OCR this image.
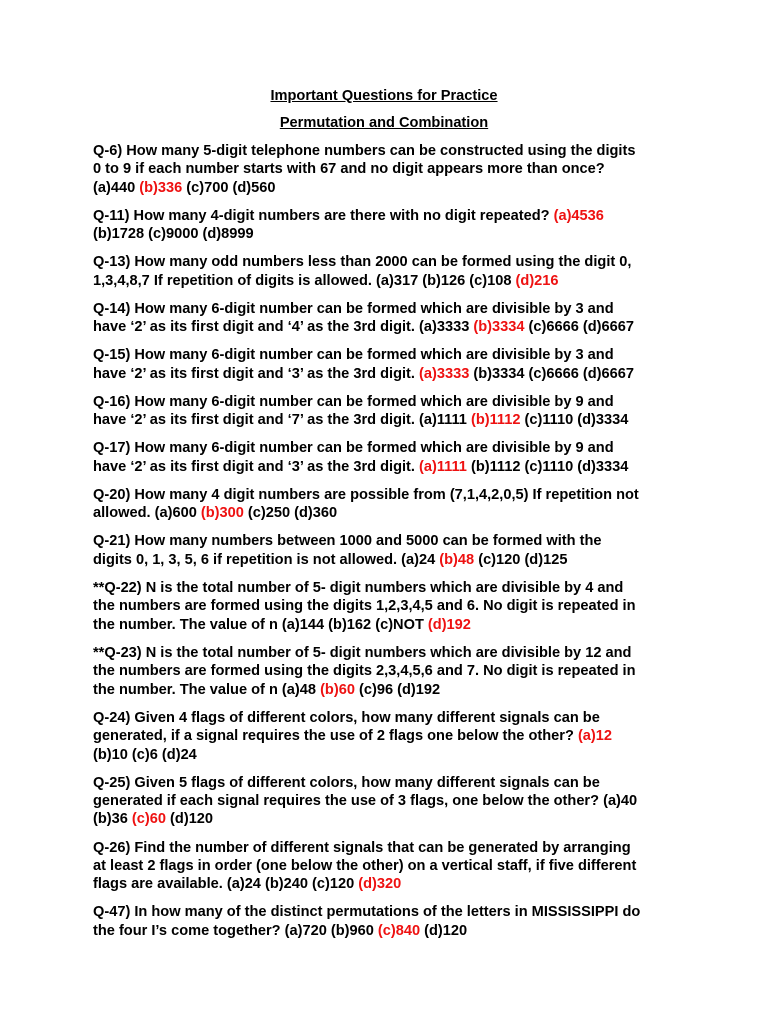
Important Questions for Practice
Permutation and Combination
Q-6) How many 5-digit telephone numbers can be constructed using the digits
0 to 9 if each number starts with 67 and no digit appears more than once?
(a)440 (b)336 (c)700 (d)560
Q-11) How many 4-digit numbers are there with no digit repeated? (a)4536
(b)1728 (c)9000 (d)8999
Q-13) How many odd numbers less than 2000 can be formed using the digit 0,
1,3,4,8,7 If repetition of digits is allowed. (a)317 (b)126 (c)108 (d)216
Q-14) How many 6-digit number can be formed which are divisible by 3 and
have ‘2’ as its first digit and ‘4’ as the 3rd digit. (a)3333 (b)3334 (c)6666 (d)6667
Q-15) How many 6-digit number can be formed which are divisible by 3 and
have ‘2’ as its first digit and ‘3’ as the 3rd digit. (a)3333 (b)3334 (c)6666 (d)6667
Q-16) How many 6-digit number can be formed which are divisible by 9 and
have ‘2’ as its first digit and ‘7’ as the 3rd digit. (a)1111 (b)1112 (c)1110 (d)3334
Q-17) How many 6-digit number can be formed which are divisible by 9 and
have ‘2’ as its first digit and ‘3’ as the 3rd digit. (a)1111 (b)1112 (c)1110 (d)3334
Q-20) How many 4 digit numbers are possible from (7,1,4,2,0,5) If repetition not
allowed. (a)600 (b)300 (c)250 (d)360
Q-21) How many numbers between 1000 and 5000 can be formed with the
digits 0, 1, 3, 5, 6 if repetition is not allowed. (a)24 (b)48 (c)120 (d)125
**Q-22) N is the total number of 5- digit numbers which are divisible by 4 and
the numbers are formed using the digits 1,2,3,4,5 and 6. No digit is repeated in
the number. The value of n (a)144 (b)162 (c)NOT (d)192
**Q-23) N is the total number of 5- digit numbers which are divisible by 12 and
the numbers are formed using the digits 2,3,4,5,6 and 7. No digit is repeated in
the number. The value of n (a)48 (b)60 (c)96 (d)192
Q-24) Given 4 flags of different colors, how many different signals can be
generated, if a signal requires the use of 2 flags one below the other? (a)12
(b)10 (c)6 (d)24
Q-25) Given 5 flags of different colors, how many different signals can be
generated if each signal requires the use of 3 flags, one below the other? (a)40
(b)36 (c)60 (d)120
Q-26) Find the number of different signals that can be generated by arranging
at least 2 flags in order (one below the other) on a vertical staff, if five different
flags are available. (a)24 (b)240 (c)120 (d)320
Q-47) In how many of the distinct permutations of the letters in MISSISSIPPI do
the four I’s come together? (a)720 (b)960 (c)840 (d)120
